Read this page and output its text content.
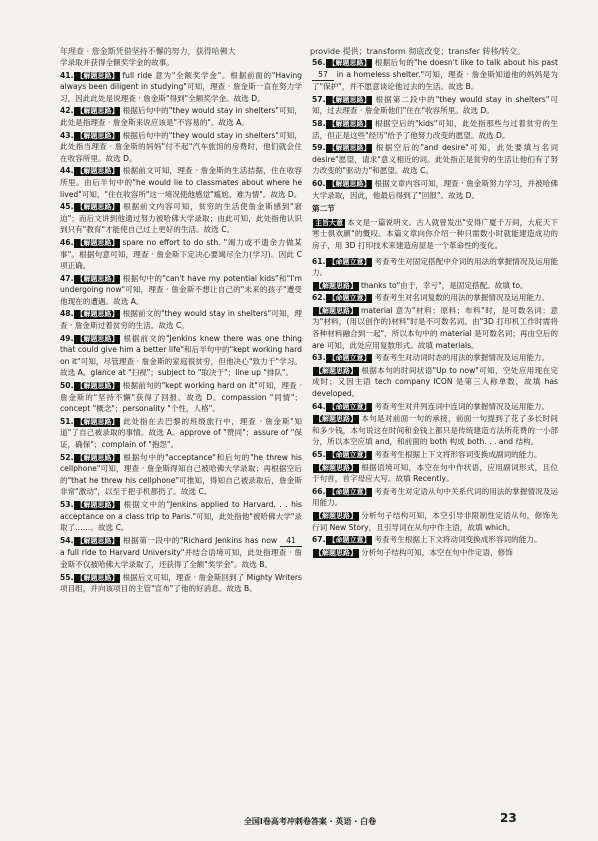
年理查 · 詹金斯凭借坚持不懈的努力，获得哈佛大	provide 提供；transform 彻底改变；transfer 转移/转交。
学录取并获得全额奖学金的故事。
41. 【解题思路】 full ride 意为"全额奖学金"。根据前面的"Having always been diligent in studying"可知，理查 · 詹金斯一直在努力学习，因此此处是说理查 · 詹金斯"得到"全额奖学金。故选 D。
42. 【解题思路】 根据后句中的"they would stay in shelters"可知，此处是指理查 · 詹金斯来说应该是"不容易的"。故选 A。
43. 【解题思路】 根据后句中的"they would stay in shelters"可知，此处指当理查 · 詹金斯的妈妈"付不起"汽车旅馆的房费时，他们就会住在收容所里。故选 D。
44. 【解题思路】 根据前文可知，理查 · 詹金斯的生活拮据，住在收容所里。由后半句中的"he would lie to classmates about where he lived"可知，"住在收容所"这一境况使他感觉"尴尬、难为情"。故选 D。
45. 【解题思路】 根据前文内容可知，贫穷的生活使詹金斯感到"窘迫"；而后文讲到他通过努力被哈佛大学录取；由此可知，此处指他认识到只有"教育"才能使自己过上更好的生活。故选 C。
46. 【解题思路】 spare no effort to do sth. "竭力或不遗余力做某事"。根据句意可知，理查 · 詹金斯下定决心要竭尽全力(学习)。因此 C 项正确。
47. 【解题思路】 根据句中的"can't have my potential kids"和"I'm undergoing now"可知，理查 · 詹金斯不想让自己的"未来的孩子"遭受他现在的遭遇。故选 A。
48. 【解题思路】 根据前文的"they would stay in shelters"可知，理查 · 詹金斯过着贫穷的生活。故选 C。
49. 【解题思路】 根据前文的"Jenkins knew there was one thing that could give him a better life"和后半句中的"kept working hard on it"可知，尽管理查 · 詹金斯的家庭很贫穷，但他决心"致力于"学习。故选 A。glance at "扫视"；subject to "取决于"；line up "排队"。
50. 【解题思路】 根据前句的"kept working hard on it"可知，理查 · 詹金斯的"坚持不懈"获得了回报。故选 D。compassion "同情"；concept "概念"；personality "个性，人格"。
51. 【解题思路】 此处指在去巴黎的班级旅行中，理查 · 詹金斯"知道"了自己被录取的事情。故选 A。approve of "赞同"；assure of "保证，确保"；complain of "抱怨"。
52. 【解题思路】 根据句中的"acceptance"和后句的"he threw his cellphone"可知，理查 · 詹金斯得知自己被哈佛大学录取；再根据空后的"that he threw his cellphone"可推知，得知自己被录取后，詹金斯非常"激动"，以至于把手机都扔了。故选 C。
53. 【解题思路】 根据文中的"Jenkins applied to Harvard. . . his acceptance on a class trip to Paris."可知，此处指他"被哈佛大学"录取了……。故选 C。
54. 【解题思路】 根据第一段中的"Richard Jenkins has now 41 a full ride to Harvard University"并结合语境可知，此处指理查 · 詹金斯不仅被哈佛大学录取了，还获得了全额"奖学金"。故选 B。
55. 【解题思路】 根据后文可知，理查 · 詹金斯回到了 Mighty Writers 项目组，并向该项目的主管"宣布"了他的好消息。故选 B。
56. 【解题思路】 根据后句的"he doesn't like to talk about his past 57 in a homeless shelter."可知，理查 · 詹金斯知道他的妈妈是为了"保护"，并不愿意谈论他过去的生活。故选 B。
57. 【解题思路】 根据第二段中的"they would stay in shelters"可知，过去理查 · 詹金斯他们"住在"收容所里。故选 D。
58. 【解题思路】 根据空后的"kids"可知，此处指那些与过着贫穷的生活，但正是这些"经历"给予了他努力改变的愿望。故选 D。
59. 【解题思路】 根据空后的"and desire"可知，此处要填与名词 desire"愿望，请求"意义相近的词。此处指正是贫穷的生活让他们有了努力改变的"驱动力"和愿望。故选 C。
60. 【解题思路】 根据文章内容可知，理查 · 詹金斯努力学习，并被哈佛大学录取，因此，他最后得到了"回报"。故选 D。
第二节
主旨大意 本文是一篇说明文。古人就曾发出"安得广厦千万间，大庇天下寒士俱欢颜"的慨叹。本篇文章向你介绍一种只需数小时就能建造成功的房子，用 3D 打印技术来建造房屋是一个革命性的变化。
61. 【命题立意】 考查考生对固定搭配中介词的用法的掌握情况及运用能力。
【解题思路】 thanks to"由于，幸亏"，是固定搭配。故填 to。
62. 【命题立意】 考查考生对名词复数的用法的掌握情况及运用能力。
【解题思路】 material 意为"材料；原料；布料"时，是可数名词；意为"材料，(用以创作的)材料"时是不可数名词。由"3D 打印机工作时需将各种材料融合到一起"，所以本句中的 material 是可数名词；再由空后的 are 可知，此处应用复数形式。故填 materials。
63. 【命题立意】 考查考生对动词时态的用法的掌握情况及运用能力。
【解题思路】 根据本句的时间状语"Up to now"可知，空处应用现在完成时；又因主语 tech company ICON 是第三人称单数，故填 has developed。
64. 【命题立意】 考查考生对并列连词中连词的掌握情况及运用能力。
【解题思路】 本句是对前面一句的承接，前面一句提到了花了多长时间和多少钱，本句说这在时间和金钱上都只是传统建造方法所花费的一小部分，所以本空应填 and，和前面的 both 构成 both. . . and 结构。
65. 【命题立意】 考查考生根据上下文将形容词变换成副词的能力。
【解题思路】 根据语境可知，本空在句中作状语，应用副词形式，且位于句首，首字母应大写。故填 Recently。
66. 【命题立意】 考查考生对定语从句中关系代词的用法的掌握情况及运用能力。
【解题思路】 分析句子结构可知，本空引导非限制性定语从句，修饰先行词 New Story，且引导词在从句中作主语，故填 which。
67. 【命题立意】 考查考生根据上下文将动词变换成形容词的能力。
【解题思路】 分析句子结构可知，本空在句中作定语，修饰
全国Ⅰ卷高考冲刺卷答案 · 英语 · 白卷	23
